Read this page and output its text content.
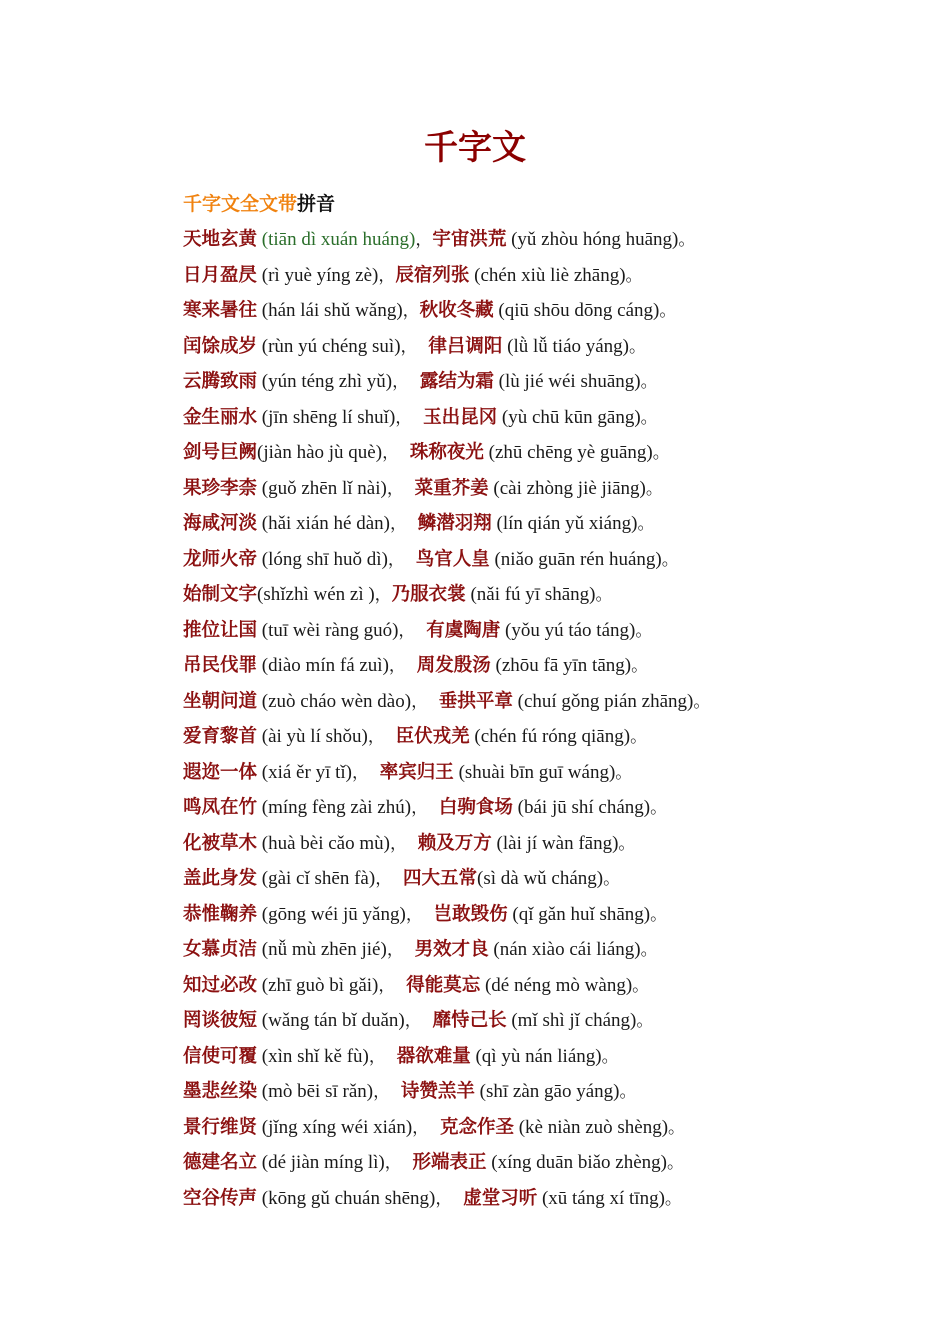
千字文
千字文全文带拼音
天地玄黄 (tiān dì xuán huáng)，宇宙洪荒 (yǔ zhòu hóng huāng)。
日月盈昃 (rì yuè yíng zè)，辰宿列张 (chén xiù liè zhāng)。
寒来暑往 (hán lái shǔ wǎng)，秋收冬藏 (qiū shōu dōng cáng)。
闰馀成岁 (rùn yú chéng suì)，  律吕调阳 (lǜ lǚ tiáo yáng)。
云腾致雨 (yún téng zhì yǔ)，  露结为霜 (lù jié wéi shuāng)。
金生丽水 (jīn shēng lí shuǐ)，  玉出昆冈 (yù chū kūn gāng)。
剑号巨阙(jiàn hào jù què)，  珠称夜光 (zhū chēng yè guāng)。
果珍李柰 (guǒ zhēn lǐ nài)，  菜重芥姜 (cài zhòng jiè jiāng)。
海咸河淡 (hǎi xián hé dàn)，  鳞潜羽翔 (lín qián yǔ xiáng)。
龙师火帝 (lóng shī huǒ dì)，  鸟官人皇 (niǎo guān rén huáng)。
始制文字(shǐzhì wén zì )，乃服衣裳 (nǎi fú yī shāng)。
推位让国 (tuī wèi ràng guó)，  有虞陶唐 (yǒu yú táo táng)。
吊民伐罪 (diào mín fá zuì)，  周发殷汤 (zhōu fā yīn tāng)。
坐朝问道 (zuò cháo wèn dào)，  垂拱平章 (chuí gǒng pián zhāng)。
爱育黎首 (ài yù lí shǒu)，  臣伏戎羌 (chén fú róng qiāng)。
遐迩一体 (xiá ěr yī tǐ)，  率宾归王 (shuài bīn guī wáng)。
鸣凤在竹 (míng fèng zài zhú)，  白驹食场 (bái jū shí cháng)。
化被草木 (huà bèi cǎo mù)，  赖及万方 (lài jí wàn fāng)。
盖此身发 (gài cǐ shēn fà)，  四大五常(sì dà wǔ cháng)。
恭惟鞠养 (gōng wéi jū yǎng)，  岂敢毁伤 (qǐ gǎn huǐ shāng)。
女慕贞洁 (nǚ mù zhēn jié)，  男效才良 (nán xiào cái liáng)。
知过必改 (zhī guò bì gǎi)，  得能莫忘 (dé néng mò wàng)。
罔谈彼短 (wǎng tán bǐ duǎn)，  靡恃己长 (mǐ shì jǐ cháng)。
信使可覆 (xìn shǐ kě fù)，  器欲难量 (qì yù nán liáng)。
墨悲丝染 (mò bēi sī rǎn)，  诗赞羔羊 (shī zàn gāo yáng)。
景行维贤 (jǐng xíng wéi xián)，  克念作圣 (kè niàn zuò shèng)。
德建名立 (dé jiàn míng lì)，  形端表正 (xíng duān biǎo zhèng)。
空谷传声 (kōng gǔ chuán shēng)，  虚堂习听 (xū táng xí tīng)。
